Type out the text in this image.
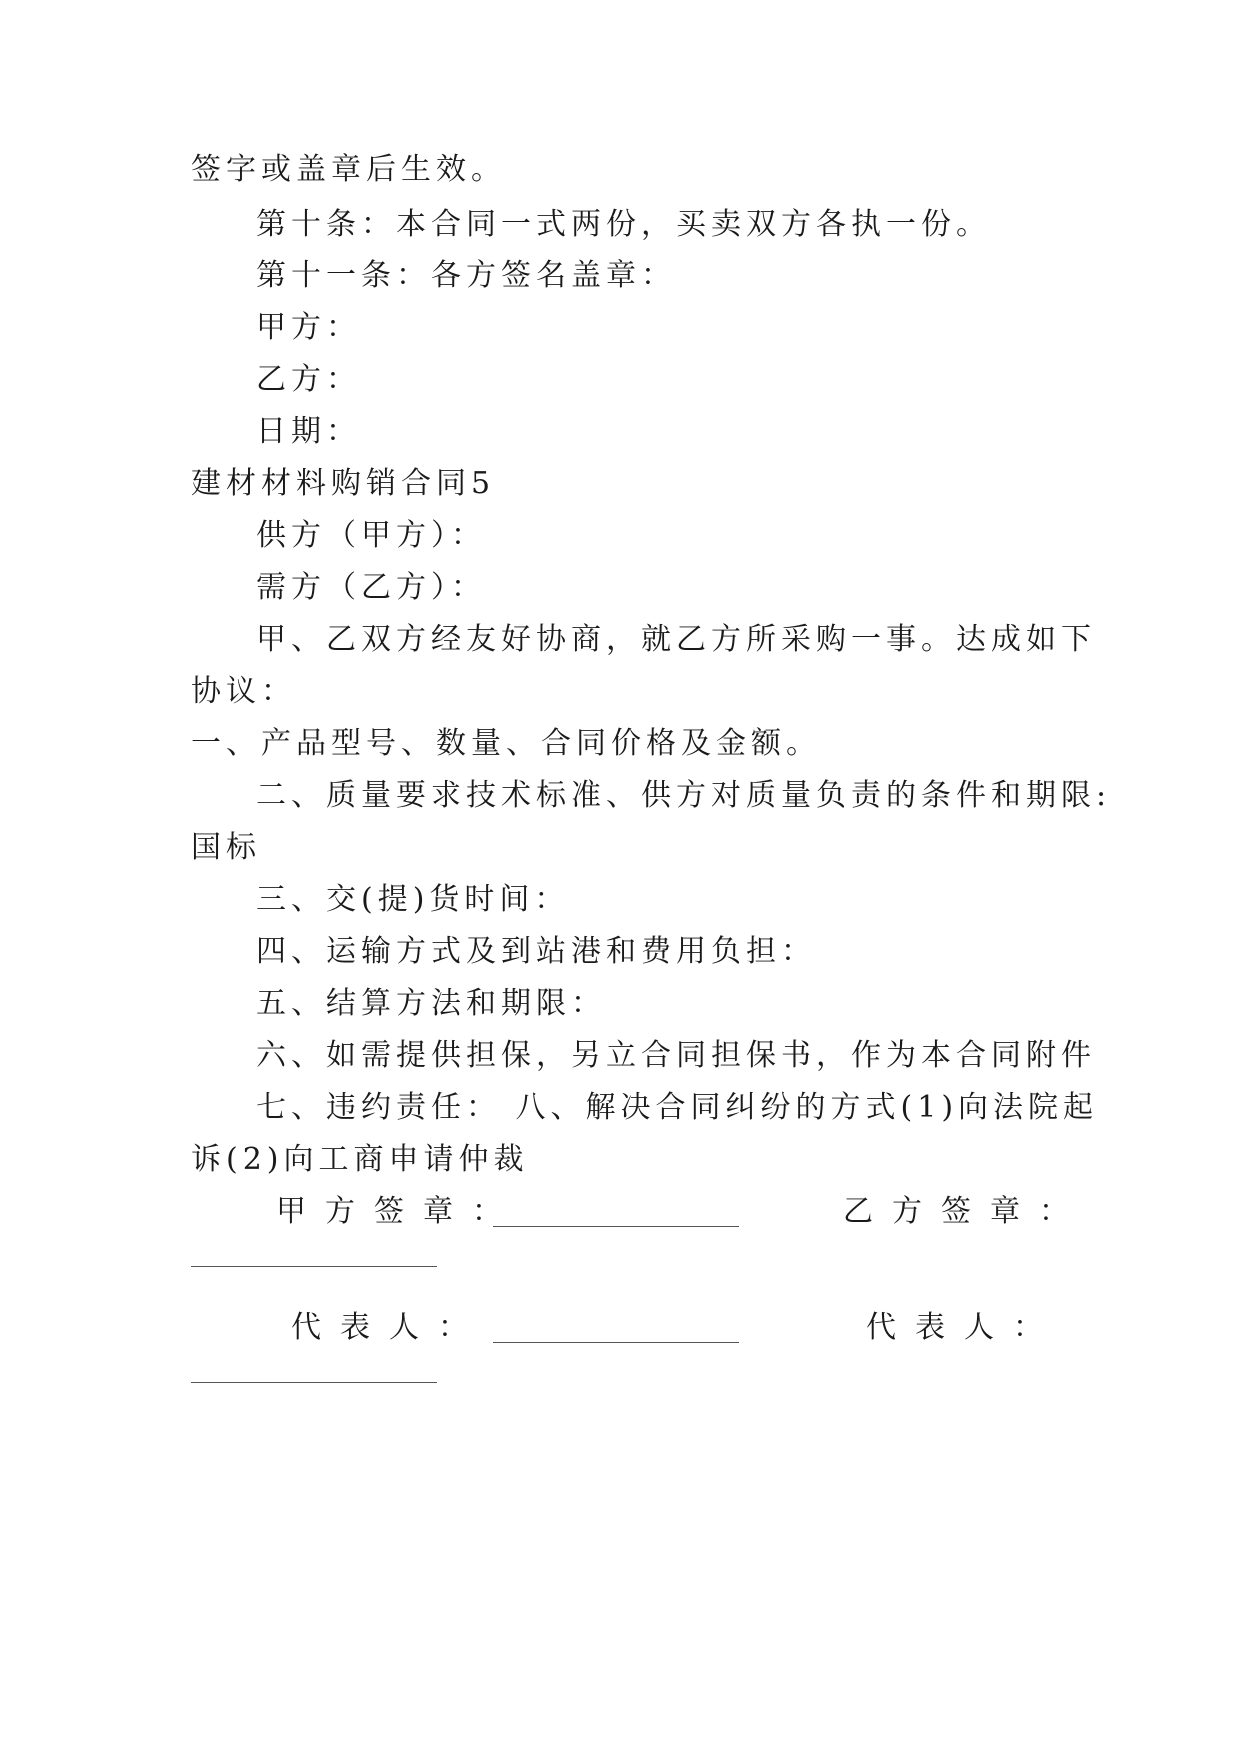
签字或盖章后生效。
第十条：本合同一式两份，买卖双方各执一份。
第十一条：各方签名盖章：
甲方：
乙方：
日期：
建材材料购销合同5
供方（甲方）：
需方（乙方）：
甲、乙双方经友好协商，就乙方所采购一事。达成如下
协议：
一、产品型号、数量、合同价格及金额。
二、质量要求技术标准、供方对质量负责的条件和期限:
国标
三、交(提)货时间：
四、运输方式及到站港和费用负担：
五、结算方法和期限：
六、如需提供担保，另立合同担保书，作为本合同附件
七、违约责任： 八、解决合同纠纷的方式(1)向法院起
诉(2)向工商申请仲裁
甲方签章：	乙方签章：
代表人：	代表人：
